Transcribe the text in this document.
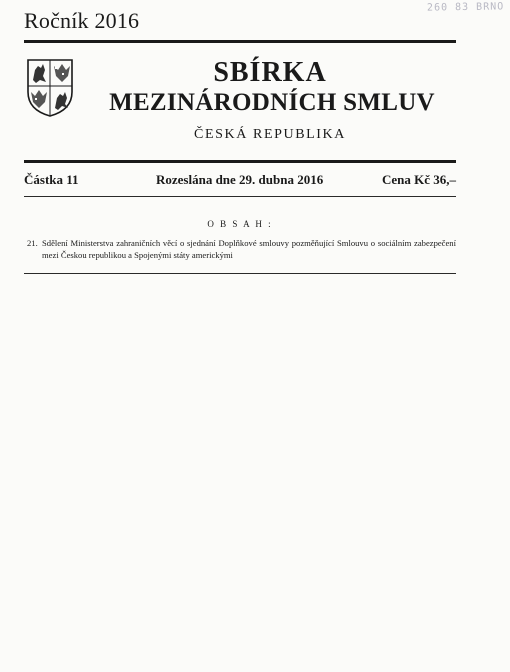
260 83 BRNO
Ročník 2016
SBÍRKA
MEZINÁRODNÍCH SMLUV
ČESKÁ REPUBLIKA
Částka 11	Rozeslána dne 29. dubna 2016	Cena Kč 36,–
O B S A H :
21. Sdělení Ministerstva zahraničních věcí o sjednání Doplňkové smlouvy pozměňující Smlouvu o sociálním zabezpečení mezi Českou republikou a Spojenými státy americkými
